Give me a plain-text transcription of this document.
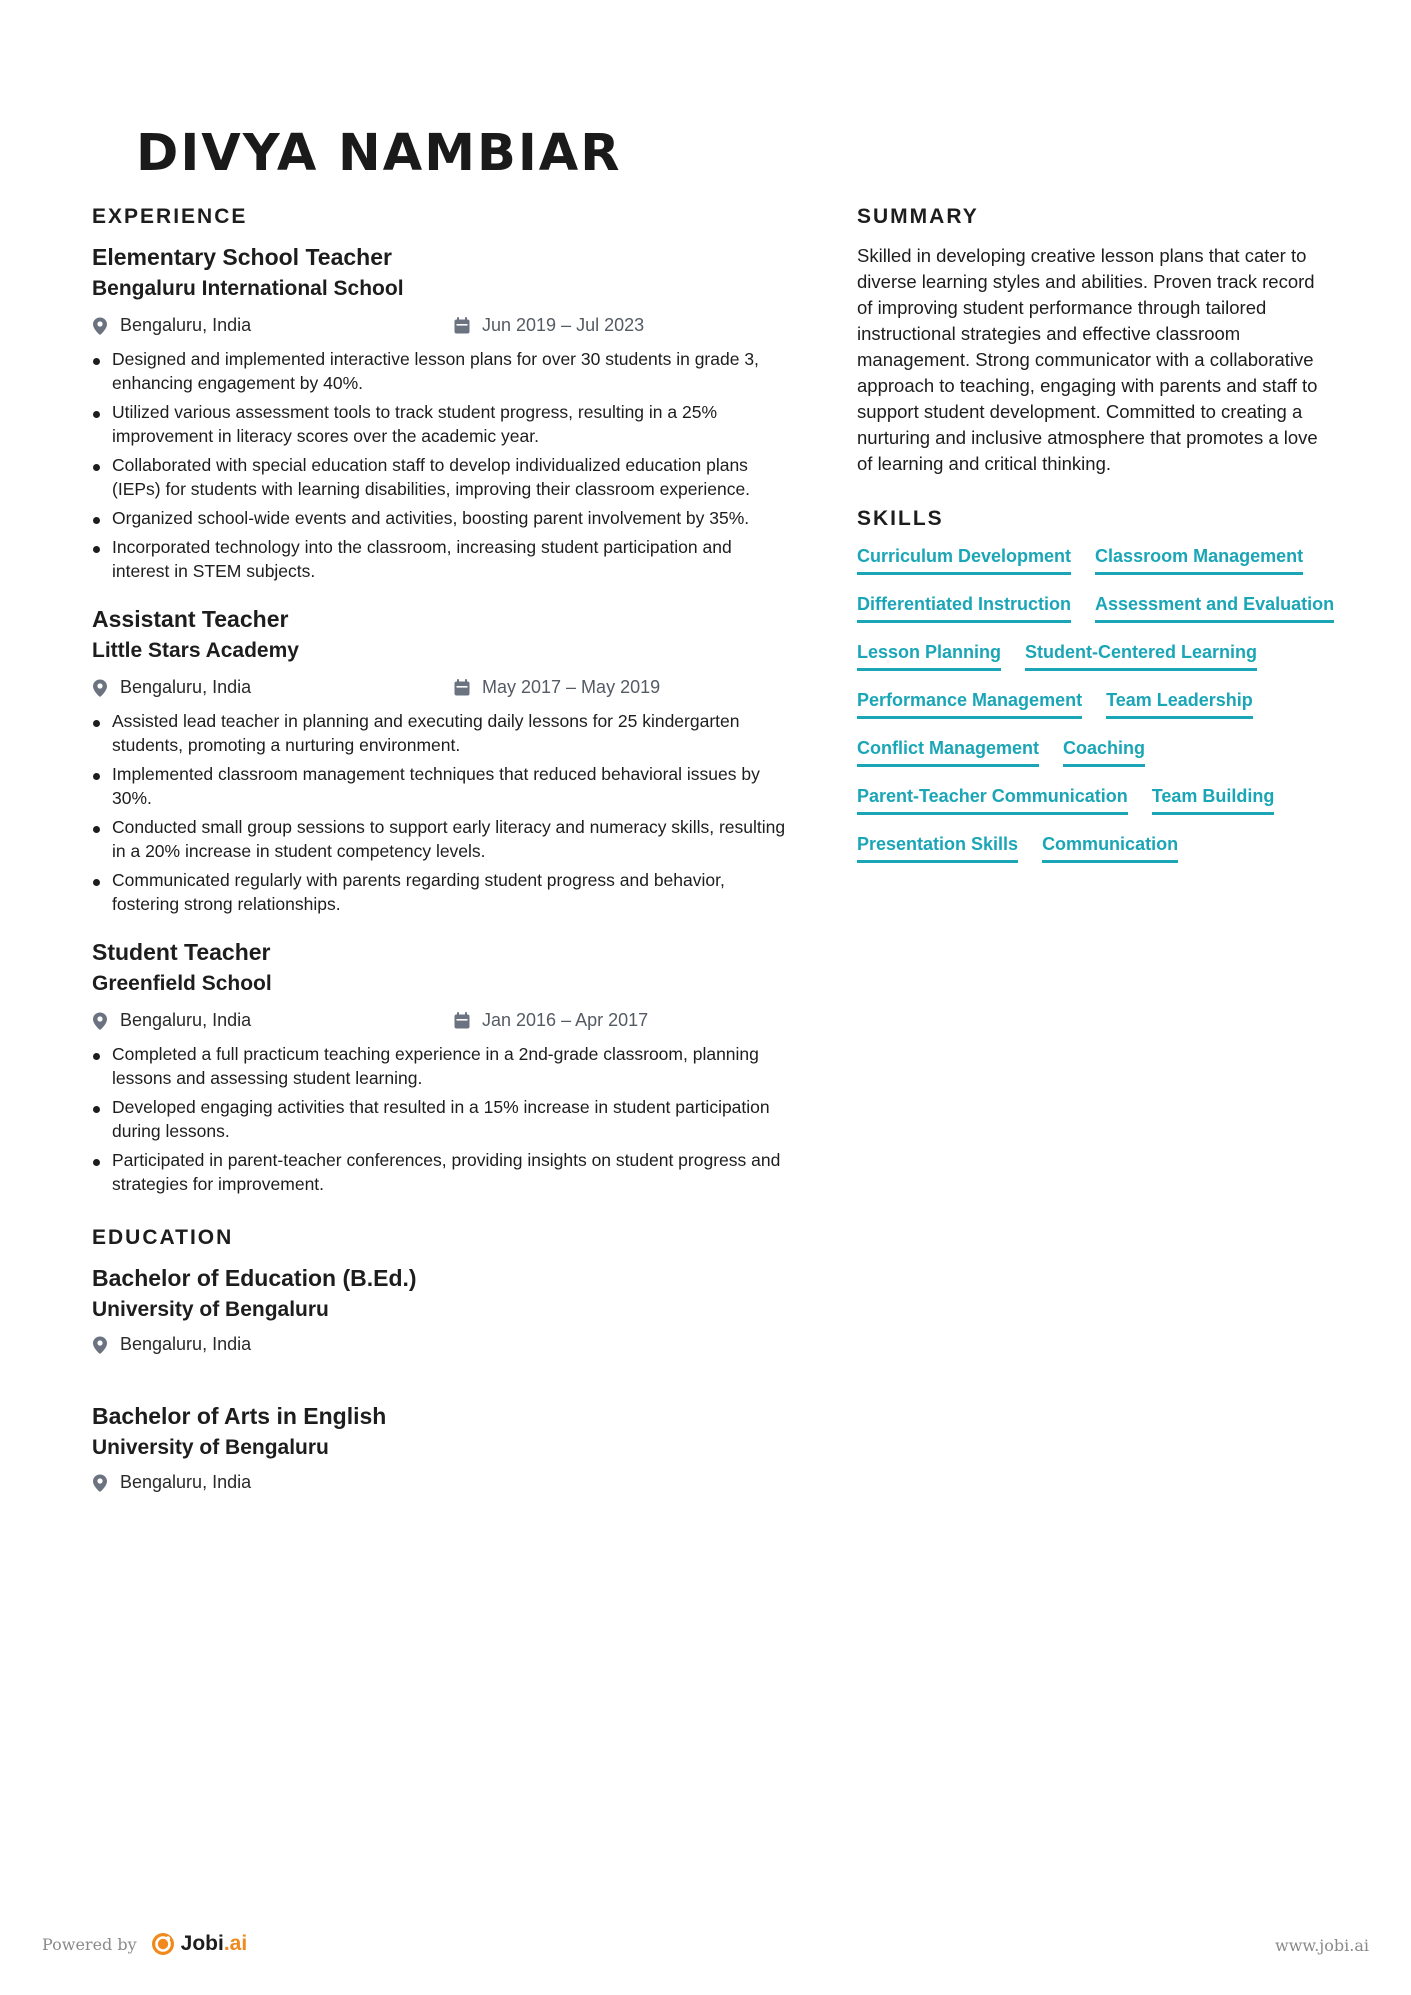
DIVYA NAMBIAR
EXPERIENCE
Elementary School Teacher
Bengaluru International School
Bengaluru, India	Jun 2019 – Jul 2023
Designed and implemented interactive lesson plans for over 30 students in grade 3, enhancing engagement by 40%.
Utilized various assessment tools to track student progress, resulting in a 25% improvement in literacy scores over the academic year.
Collaborated with special education staff to develop individualized education plans (IEPs) for students with learning disabilities, improving their classroom experience.
Organized school-wide events and activities, boosting parent involvement by 35%.
Incorporated technology into the classroom, increasing student participation and interest in STEM subjects.
Assistant Teacher
Little Stars Academy
Bengaluru, India	May 2017 – May 2019
Assisted lead teacher in planning and executing daily lessons for 25 kindergarten students, promoting a nurturing environment.
Implemented classroom management techniques that reduced behavioral issues by 30%.
Conducted small group sessions to support early literacy and numeracy skills, resulting in a 20% increase in student competency levels.
Communicated regularly with parents regarding student progress and behavior, fostering strong relationships.
Student Teacher
Greenfield School
Bengaluru, India	Jan 2016 – Apr 2017
Completed a full practicum teaching experience in a 2nd-grade classroom, planning lessons and assessing student learning.
Developed engaging activities that resulted in a 15% increase in student participation during lessons.
Participated in parent-teacher conferences, providing insights on student progress and strategies for improvement.
EDUCATION
Bachelor of Education (B.Ed.)
University of Bengaluru
Bengaluru, India
Bachelor of Arts in English
University of Bengaluru
Bengaluru, India
SUMMARY

Skilled in developing creative lesson plans that cater to diverse learning styles and abilities. Proven track record of improving student performance through tailored instructional strategies and effective classroom management. Strong communicator with a collaborative approach to teaching, engaging with parents and staff to support student development. Committed to creating a nurturing and inclusive atmosphere that promotes a love of learning and critical thinking.

SKILLS
Curriculum Development Classroom Management
Differentiated Instruction Assessment and Evaluation
Lesson Planning Student-Centered Learning
Performance Management Team Leadership
Conflict Management Coaching
Parent-Teacher Communication Team Building
Presentation Skills Communication
Powered by Jobi.ai	www.jobi.ai
